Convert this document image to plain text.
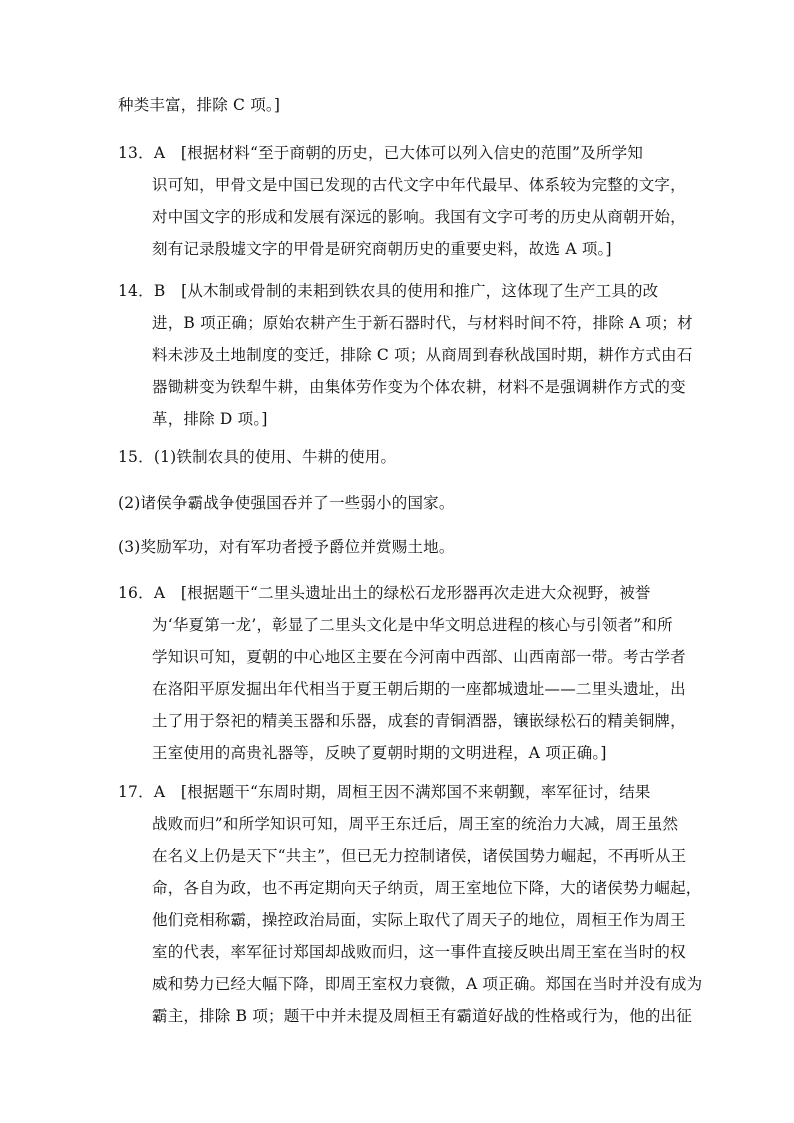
种类丰富，排除 C 项。]
13．A　[根据材料“至于商朝的历史，已大体可以列入信史的范围”及所学知
识可知，甲骨文是中国已发现的古代文字中年代最早、体系较为完整的文字，
对中国文字的形成和发展有深远的影响。我国有文字可考的历史从商朝开始，
刻有记录殷墟文字的甲骨是研究商朝历史的重要史料，故选 A 项。]
14．B　[从木制或骨制的耒耜到铁农具的使用和推广，这体现了生产工具的改
进，B 项正确；原始农耕产生于新石器时代，与材料时间不符，排除 A 项；材
料未涉及土地制度的变迁，排除 C 项；从商周到春秋战国时期，耕作方式由石
器锄耕变为铁犁牛耕，由集体劳作变为个体农耕，材料不是强调耕作方式的变
革，排除 D 项。]
15．(1)铁制农具的使用、牛耕的使用。
(2)诸侯争霸战争使强国吞并了一些弱小的国家。
(3)奖励军功，对有军功者授予爵位并赏赐土地。
16．A　[根据题干“二里头遗址出土的绿松石龙形器再次走进大众视野，被誉
为‘华夏第一龙’，彰显了二里头文化是中华文明总进程的核心与引领者”和所
学知识可知，夏朝的中心地区主要在今河南中西部、山西南部一带。考古学者
在洛阳平原发掘出年代相当于夏王朝后期的一座都城遗址——二里头遗址，出
土了用于祭祀的精美玉器和乐器，成套的青铜酒器，镶嵌绿松石的精美铜牌，
王室使用的高贵礼器等，反映了夏朝时期的文明进程，A 项正确。]
17．A　[根据题干“东周时期，周桓王因不满郑国不来朝觐，率军征讨，结果
战败而归”和所学知识可知，周平王东迁后，周王室的统治力大减，周王虽然
在名义上仍是天下“共主”，但已无力控制诸侯，诸侯国势力崛起，不再听从王
命，各自为政，也不再定期向天子纳贡，周王室地位下降，大的诸侯势力崛起，
他们竞相称霸，操控政治局面，实际上取代了周天子的地位，周桓王作为周王
室的代表，率军征讨郑国却战败而归，这一事件直接反映出周王室在当时的权
威和势力已经大幅下降，即周王室权力衰微，A 项正确。郑国在当时并没有成为
霸主，排除 B 项；题干中并未提及周桓王有霸道好战的性格或行为，他的出征
